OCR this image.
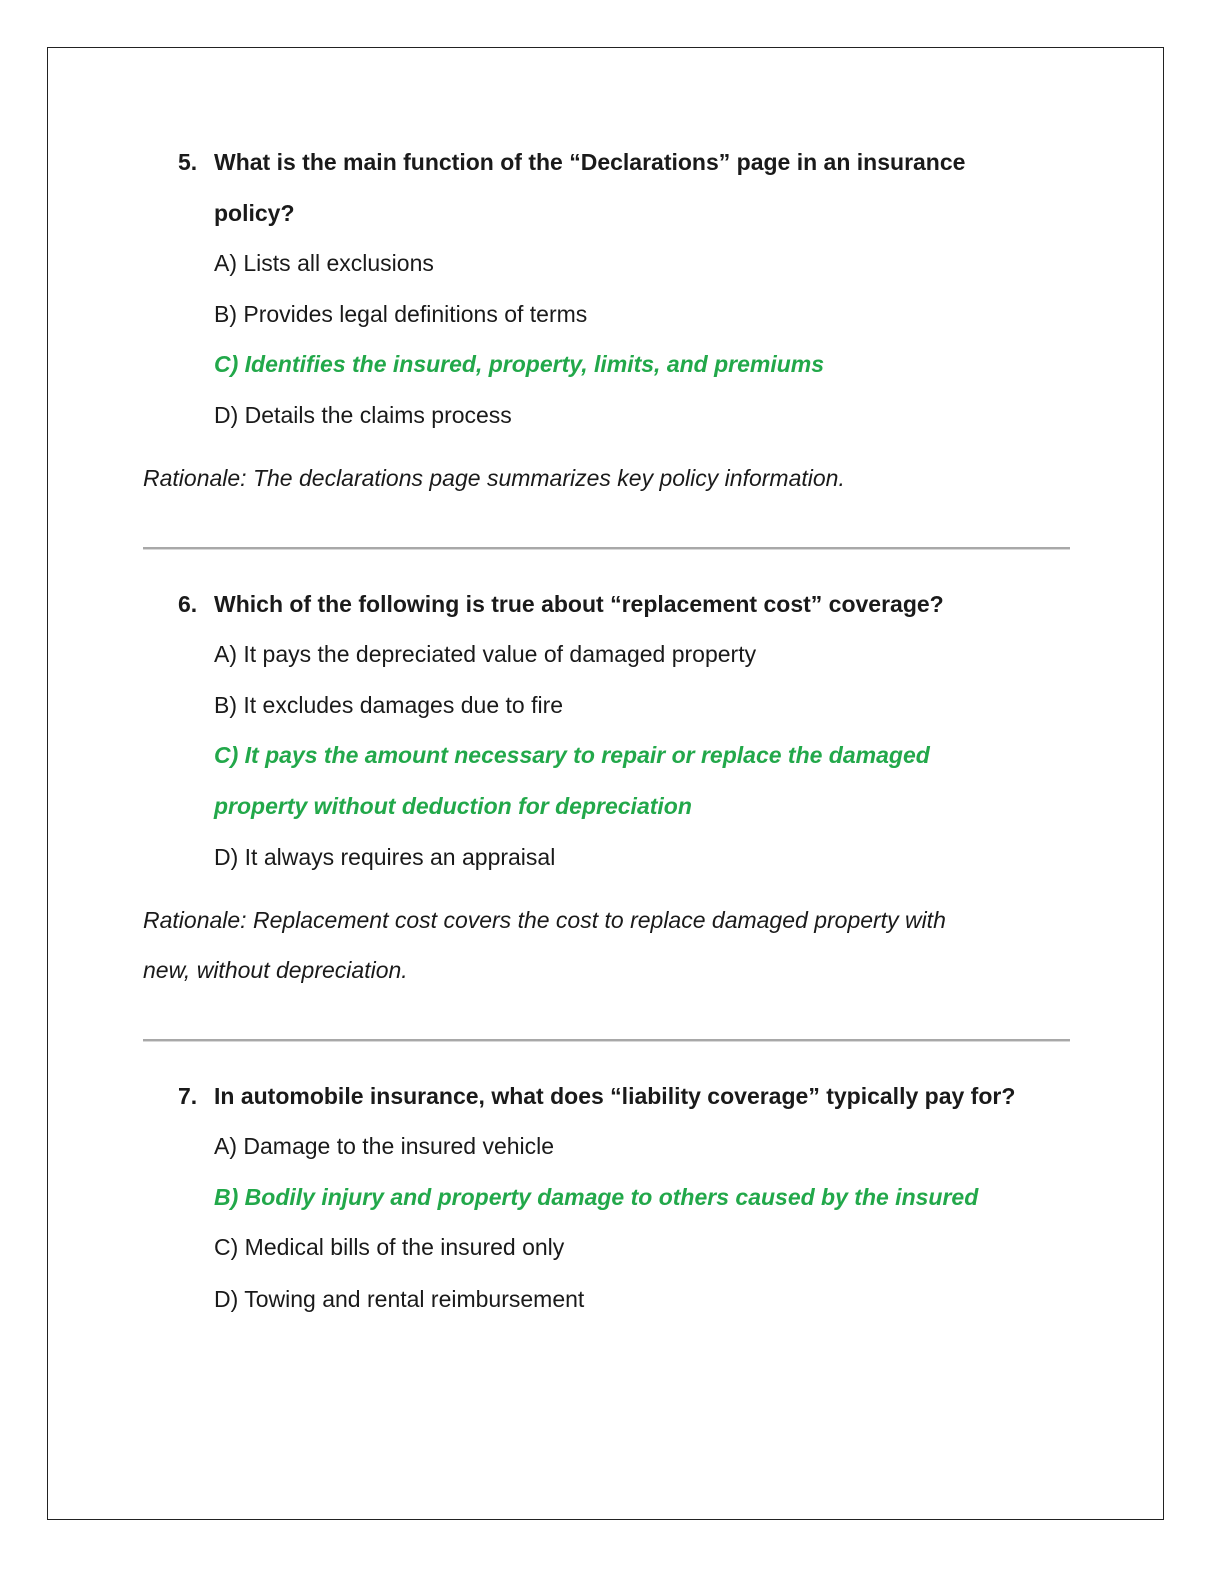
5. What is the main function of the “Declarations” page in an insurance
policy?
A) Lists all exclusions
B) Provides legal definitions of terms
C) Identifies the insured, property, limits, and premiums
D) Details the claims process
Rationale: The declarations page summarizes key policy information.
6. Which of the following is true about “replacement cost” coverage?
A) It pays the depreciated value of damaged property
B) It excludes damages due to fire
C) It pays the amount necessary to repair or replace the damaged
property without deduction for depreciation
D) It always requires an appraisal
Rationale: Replacement cost covers the cost to replace damaged property with
new, without depreciation.
7. In automobile insurance, what does “liability coverage” typically pay for?
A) Damage to the insured vehicle
B) Bodily injury and property damage to others caused by the insured
C) Medical bills of the insured only
D) Towing and rental reimbursement
